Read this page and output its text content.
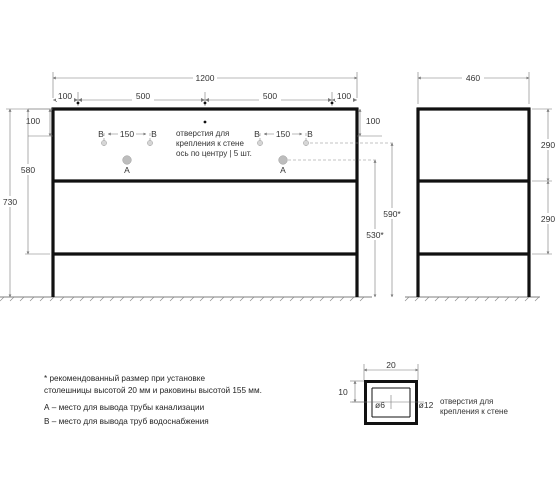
1200
100	500	500	100
100	100
580
730
150
B	B
A
150
B	B
A
отверстия для
крепления к стене
ось по центру | 5 шт.
590*
530*
460
290
290
* рекомендованный размер при установке
столешницы высотой 20 мм и раковины высотой 155 мм.
А – место для вывода трубы канализации
В – место для вывода труб водоснабжения
20
10
ø6	ø12 отверстия для
крепления к стене
